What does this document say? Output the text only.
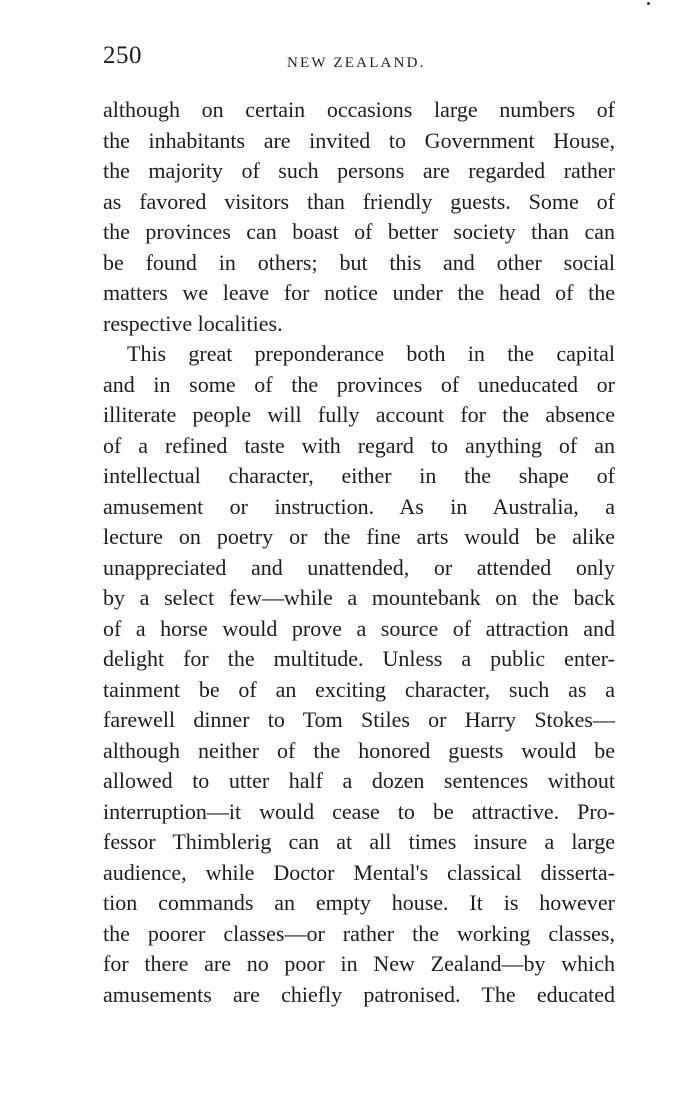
250	NEW ZEALAND.
although on certain occasions large numbers of
the inhabitants are invited to Government House,
the majority of such persons are regarded rather
as favored visitors than friendly guests. Some of
the provinces can boast of better society than can
be found in others; but this and other social
matters we leave for notice under the head of the
respective localities.
This great preponderance both in the capital
and in some of the provinces of uneducated or
illiterate people will fully account for the absence
of a refined taste with regard to anything of an
intellectual character, either in the shape of
amusement or instruction. As in Australia, a
lecture on poetry or the fine arts would be alike
unappreciated and unattended, or attended only
by a select few—while a mountebank on the back
of a horse would prove a source of attraction and
delight for the multitude. Unless a public enter-
tainment be of an exciting character, such as a
farewell dinner to Tom Stiles or Harry Stokes—
although neither of the honored guests would be
allowed to utter half a dozen sentences without
interruption—it would cease to be attractive. Pro-
fessor Thimblerig can at all times insure a large
audience, while Doctor Mental's classical disserta-
tion commands an empty house. It is however
the poorer classes—or rather the working classes,
for there are no poor in New Zealand—by which
amusements are chiefly patronised. The educated
